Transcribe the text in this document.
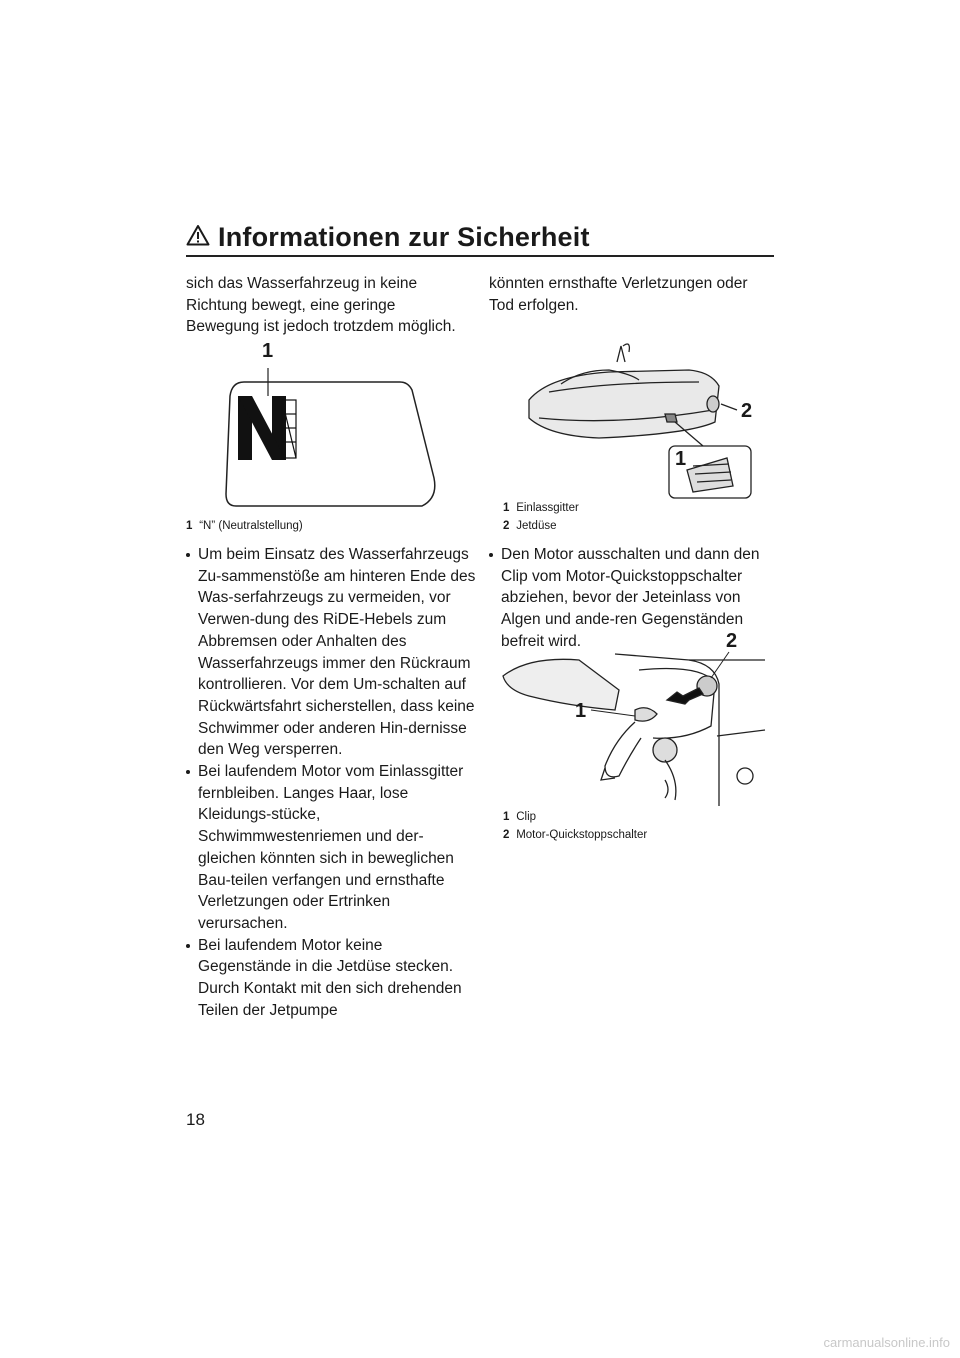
Informationen zur Sicherheit

sich das Wasserfahrzeug in keine Richtung bewegt, eine geringe Bewegung ist jedoch trotzdem möglich.

1
1 “N” (Neutralstellung)
Um beim Einsatz des Wasserfahrzeugs Zu-sammenstöße am hinteren Ende des Was-serfahrzeugs zu vermeiden, vor Verwen-dung des RiDE-Hebels zum Abbremsen oder Anhalten des Wasserfahrzeugs immer den Rückraum kontrollieren. Vor dem Um-schalten auf Rückwärtsfahrt sicherstellen, dass keine Schwimmer oder anderen Hin-dernisse den Weg versperren.
Bei laufendem Motor vom Einlassgitter fernbleiben. Langes Haar, lose Kleidungs-stücke, Schwimmwestenriemen und der-gleichen könnten sich in beweglichen Bau-teilen verfangen und ernsthafte Verletzungen oder Ertrinken verursachen.
Bei laufendem Motor keine Gegenstände in die Jetdüse stecken. Durch Kontakt mit den sich drehenden Teilen der Jetpumpe

könnten ernsthafte Verletzungen oder Tod erfolgen.

2
1
1 Einlassgitter
2 Jetdüse
Den Motor ausschalten und dann den Clip vom Motor-Quickstoppschalter abziehen, bevor der Jeteinlass von Algen und ande-ren Gegenständen befreit wird.	2
1
1 Clip
2 Motor-Quickstoppschalter
18
carmanualsonline.info
